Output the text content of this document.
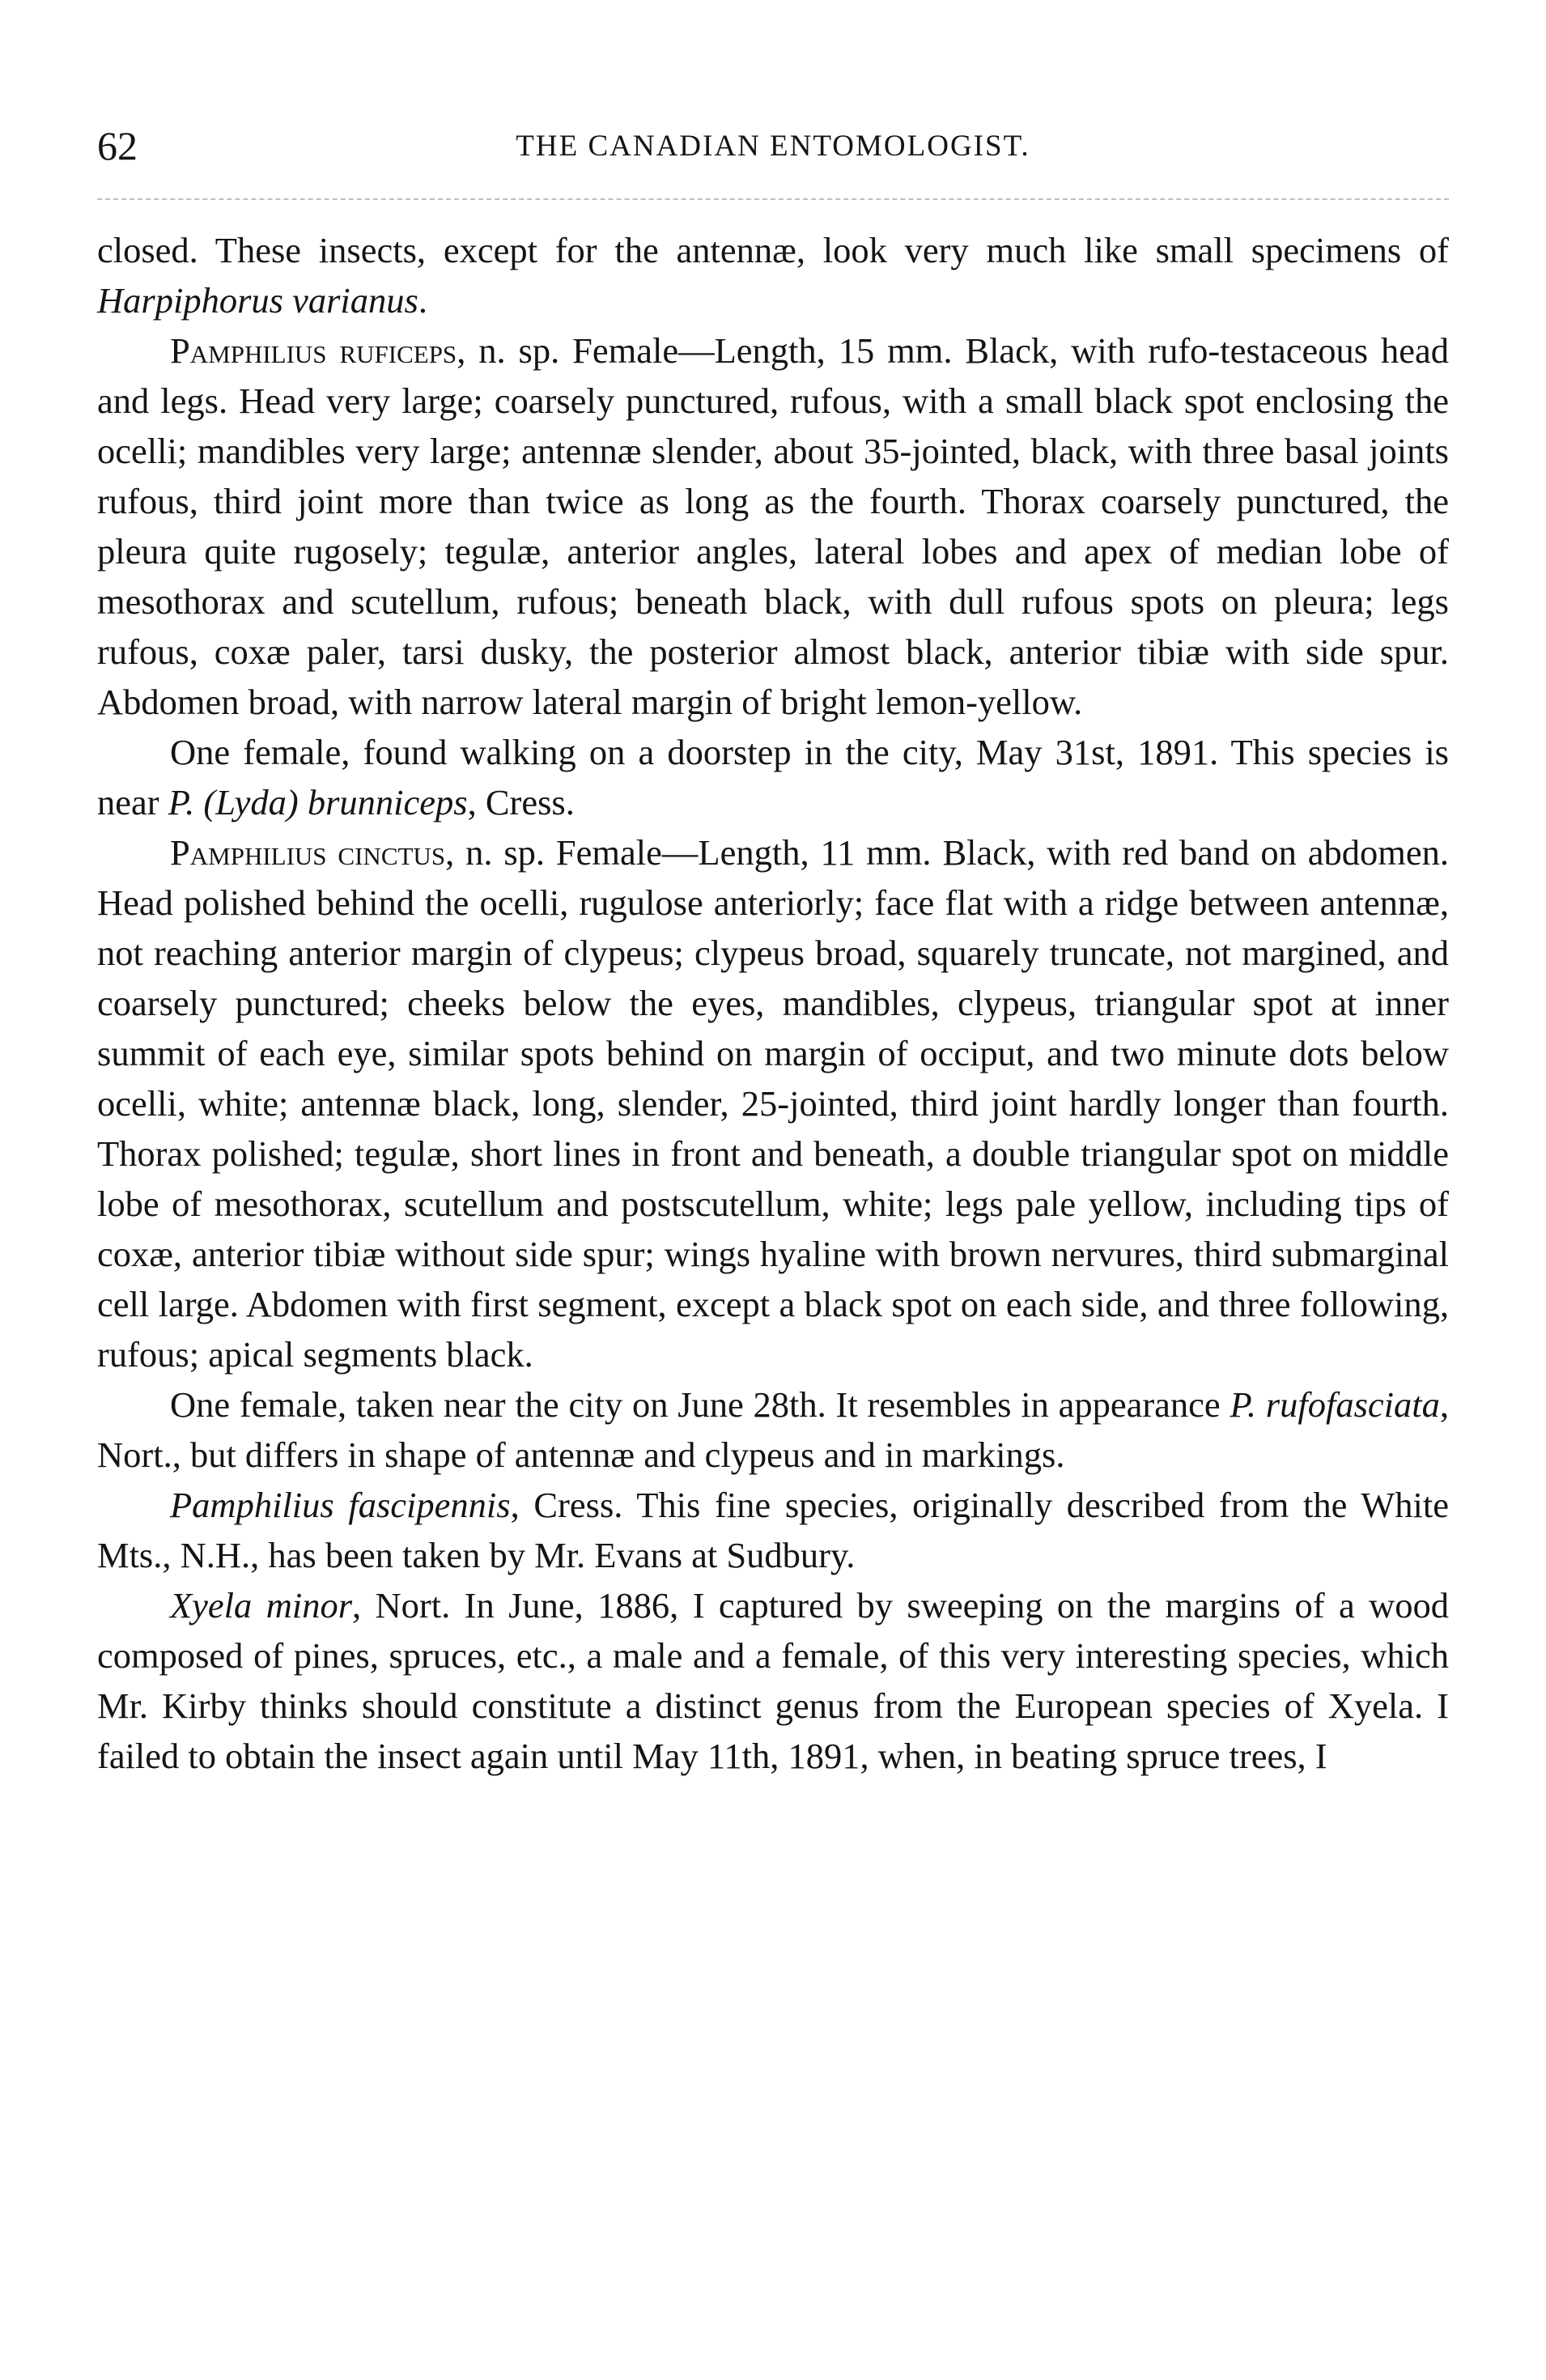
62	THE CANADIAN ENTOMOLOGIST.

closed. These insects, except for the antennæ, look very much like small specimens of Harpiphorus varianus.

Pamphilius ruficeps, n. sp. Female—Length, 15 mm. Black, with rufo-testaceous head and legs. Head very large; coarsely punctured, rufous, with a small black spot enclosing the ocelli; mandibles very large; antennæ slender, about 35-jointed, black, with three basal joints rufous, third joint more than twice as long as the fourth. Thorax coarsely punctured, the pleura quite rugosely; tegulæ, anterior angles, lateral lobes and apex of median lobe of mesothorax and scutellum, rufous; beneath black, with dull rufous spots on pleura; legs rufous, coxæ paler, tarsi dusky, the posterior almost black, anterior tibiæ with side spur. Abdomen broad, with narrow lateral margin of bright lemon-yellow.

One female, found walking on a doorstep in the city, May 31st, 1891. This species is near P. (Lyda) brunniceps, Cress.

Pamphilius cinctus, n. sp. Female—Length, 11 mm. Black, with red band on abdomen. Head polished behind the ocelli, rugulose anteriorly; face flat with a ridge between antennæ, not reaching anterior margin of clypeus; clypeus broad, squarely truncate, not margined, and coarsely punctured; cheeks below the eyes, mandibles, clypeus, triangular spot at inner summit of each eye, similar spots behind on margin of occiput, and two minute dots below ocelli, white; antennæ black, long, slender, 25-jointed, third joint hardly longer than fourth. Thorax polished; tegulæ, short lines in front and beneath, a double triangular spot on middle lobe of mesothorax, scutellum and postscutellum, white; legs pale yellow, including tips of coxæ, anterior tibiæ without side spur; wings hyaline with brown nervures, third submarginal cell large. Abdomen with first segment, except a black spot on each side, and three following, rufous; apical segments black.

One female, taken near the city on June 28th. It resembles in appearance P. rufofasciata, Nort., but differs in shape of antennæ and clypeus and in markings.

Pamphilius fascipennis, Cress. This fine species, originally described from the White Mts., N.H., has been taken by Mr. Evans at Sudbury.

Xyela minor, Nort. In June, 1886, I captured by sweeping on the margins of a wood composed of pines, spruces, etc., a male and a female, of this very interesting species, which Mr. Kirby thinks should constitute a distinct genus from the European species of Xyela. I failed to obtain the insect again until May 11th, 1891, when, in beating spruce trees, I
